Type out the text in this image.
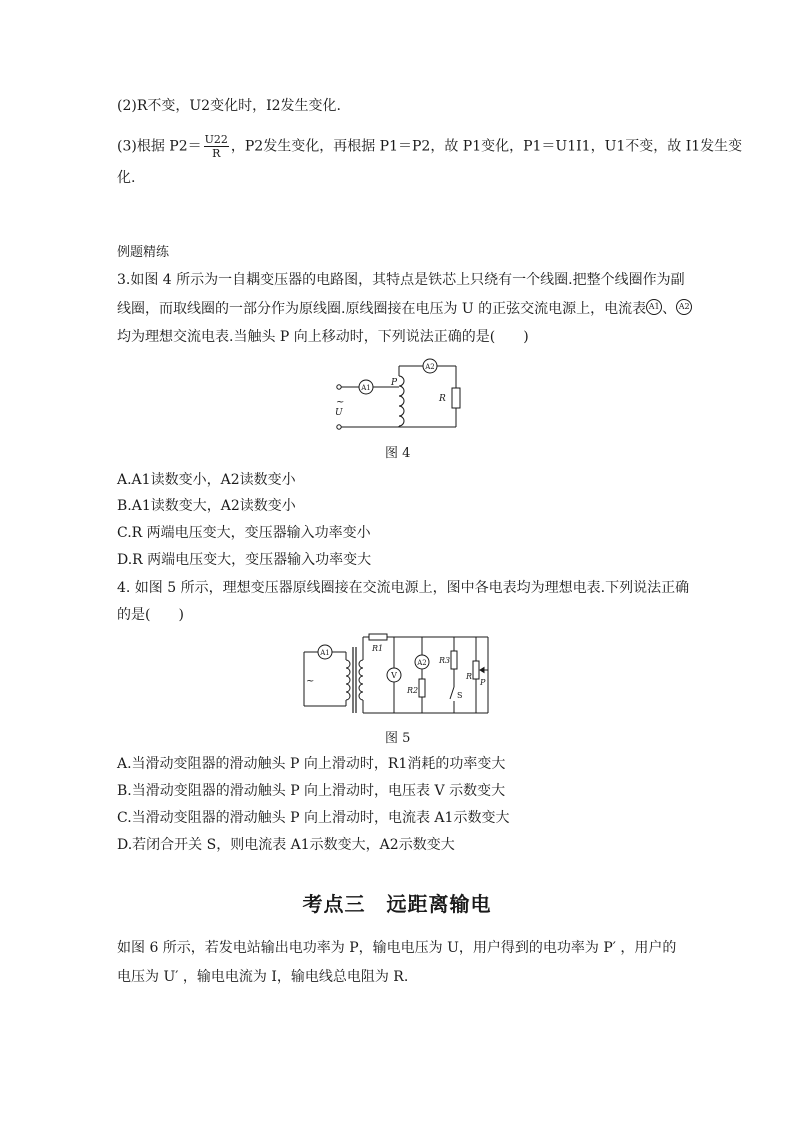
(2)R不变，U2变化时，I2发生变化.
(3)根据 $P2= \frac{U22}{R}$ ，P2发生变化，再根据 P1＝P2，故 P1变化，P1＝U1I1，U1不变，故 I1发生变
化.
例题精练
3.如图 4 所示为一自耦变压器的电路图，其特点是铁芯上只绕有一个线圈.把整个线圈作为副
线圈，而取线圈的一部分作为原线圈.原线圈接在电压为 U 的正弦交流电源上，电流表 A1 、 A2
均为理想交流电表.当触头 P 向上移动时，下列说法正确的是(　　)
A1
A2
P
R
~
U
图 4
A.A1读数变小，A2读数变小
B.A1读数变大，A2读数变小
C.R 两端电压变大，变压器输入功率变小
D.R 两端电压变大，变压器输入功率变大
4. 如图 5 所示，理想变压器原线圈接在交流电源上，图中各电表均为理想电表.下列说法正确
的是(　　)
A1
A2
V
R1
R2
R3
S
R
P
~
图 5
A.当滑动变阻器的滑动触头 P 向上滑动时，R1消耗的功率变大
B.当滑动变阻器的滑动触头 P 向上滑动时，电压表 V 示数变大
C.当滑动变阻器的滑动触头 P 向上滑动时，电流表 A1示数变大
D.若闭合开关 S，则电流表 A1示数变大，A2示数变大
考点三　远距离输电
如图 6 所示，若发电站输出电功率为 P，输电电压为 U，用户得到的电功率为 P′ ，用户的
电压为 U′ ，输电电流为 I，输电线总电阻为 R.
